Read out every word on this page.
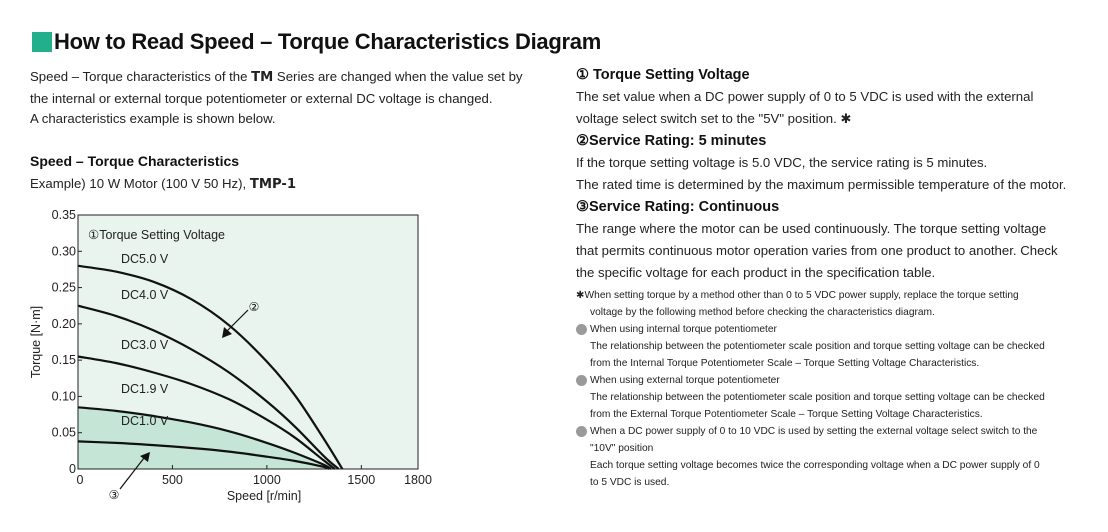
How to Read Speed – Torque Characteristics Diagram
Speed – Torque characteristics of the TM Series are changed when the value set by
the internal or external torque potentiometer or external DC voltage is changed.
A characteristics example is shown below.
Speed – Torque Characteristics
Example) 10 W Motor (100 V 50 Hz), TMP-1
DC5.0 V
DC4.0 V
DC3.0 V
DC1.9 V
DC1.0 V
0	500	1000	1500 1800
0
0.05
0.10
0.15
0.20
0.25
0.30
0.35
①Torque Setting Voltage
Speed [r/min]
Torque [N·m]	②
③
① Torque Setting Voltage
The set value when a DC power supply of 0 to 5 VDC is used with the external
voltage select switch set to the "5V" position. ✱
②Service Rating: 5 minutes
If the torque setting voltage is 5.0 VDC, the service rating is 5 minutes.
The rated time is determined by the maximum permissible temperature of the motor.
③Service Rating: Continuous
The range where the motor can be used continuously. The torque setting voltage
that permits continuous motor operation varies from one product to another. Check
the specific voltage for each product in the specification table.
✱When setting torque by a method other than 0 to 5 VDC power supply, replace the torque setting
voltage by the following method before checking the characteristics diagram.
When using internal torque potentiometer
The relationship between the potentiometer scale position and torque setting voltage can be checked
from the Internal Torque Potentiometer Scale – Torque Setting Voltage Characteristics.
When using external torque potentiometer
The relationship between the potentiometer scale position and torque setting voltage can be checked
from the External Torque Potentiometer Scale – Torque Setting Voltage Characteristics.
When a DC power supply of 0 to 10 VDC is used by setting the external voltage select switch to the
"10V" position
Each torque setting voltage becomes twice the corresponding voltage when a DC power supply of 0
to 5 VDC is used.
